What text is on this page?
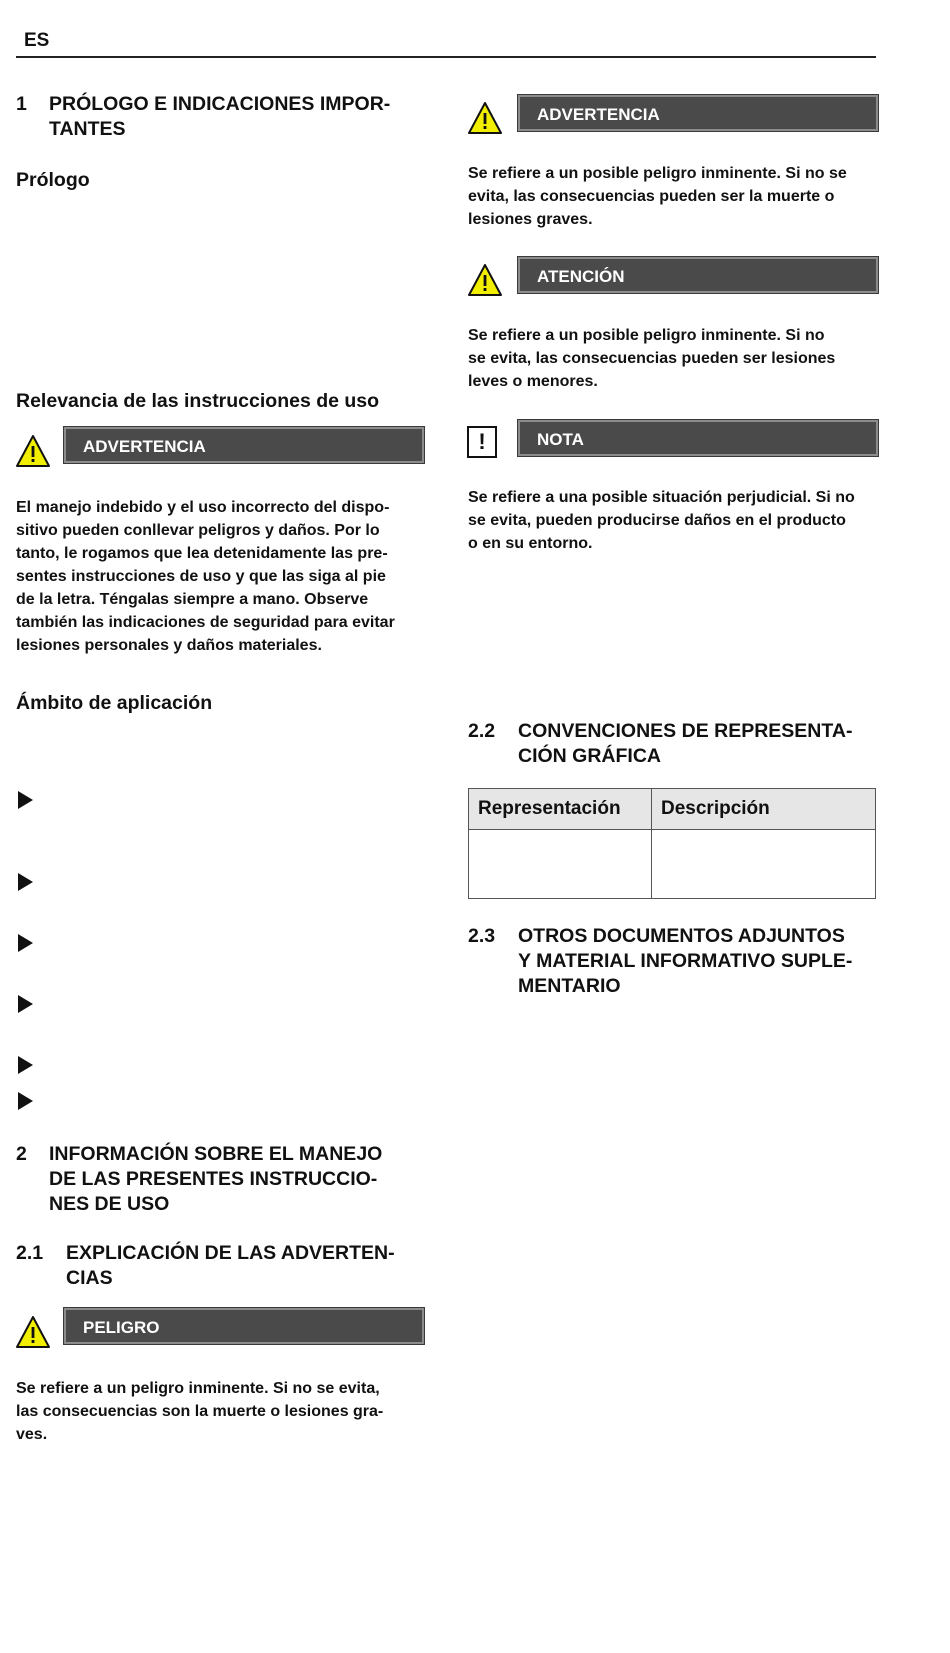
ES
1 PRÓLOGO E INDICACIONES IMPOR-
TANTES
Prólogo
Relevancia de las instrucciones de uso
ADVERTENCIA
El manejo indebido y el uso incorrecto del dispo-
sitivo pueden conllevar peligros y daños. Por lo
tanto, le rogamos que lea detenidamente las pre-
sentes instrucciones de uso y que las siga al pie
de la letra. Téngalas siempre a mano. Observe
también las indicaciones de seguridad para evitar
lesiones personales y daños materiales.
Ámbito de aplicación
2 INFORMACIÓN SOBRE EL MANEJO
DE LAS PRESENTES INSTRUCCIO-
NES DE USO
2.1 EXPLICACIÓN DE LAS ADVERTEN-
CIAS
PELIGRO
Se refiere a un peligro inminente. Si no se evita,
las consecuencias son la muerte o lesiones gra-
ves.
ADVERTENCIA
Se refiere a un posible peligro inminente. Si no se
evita, las consecuencias pueden ser la muerte o
lesiones graves.
ATENCIÓN
Se refiere a un posible peligro inminente. Si no
se evita, las consecuencias pueden ser lesiones
leves o menores.
!	NOTA
Se refiere a una posible situación perjudicial. Si no
se evita, pueden producirse daños en el producto
o en su entorno.
2.2 CONVENCIONES DE REPRESENTA-
CIÓN GRÁFICA
Representación	Descripción

2.3 OTROS DOCUMENTOS ADJUNTOS
Y MATERIAL INFORMATIVO SUPLE-
MENTARIO
